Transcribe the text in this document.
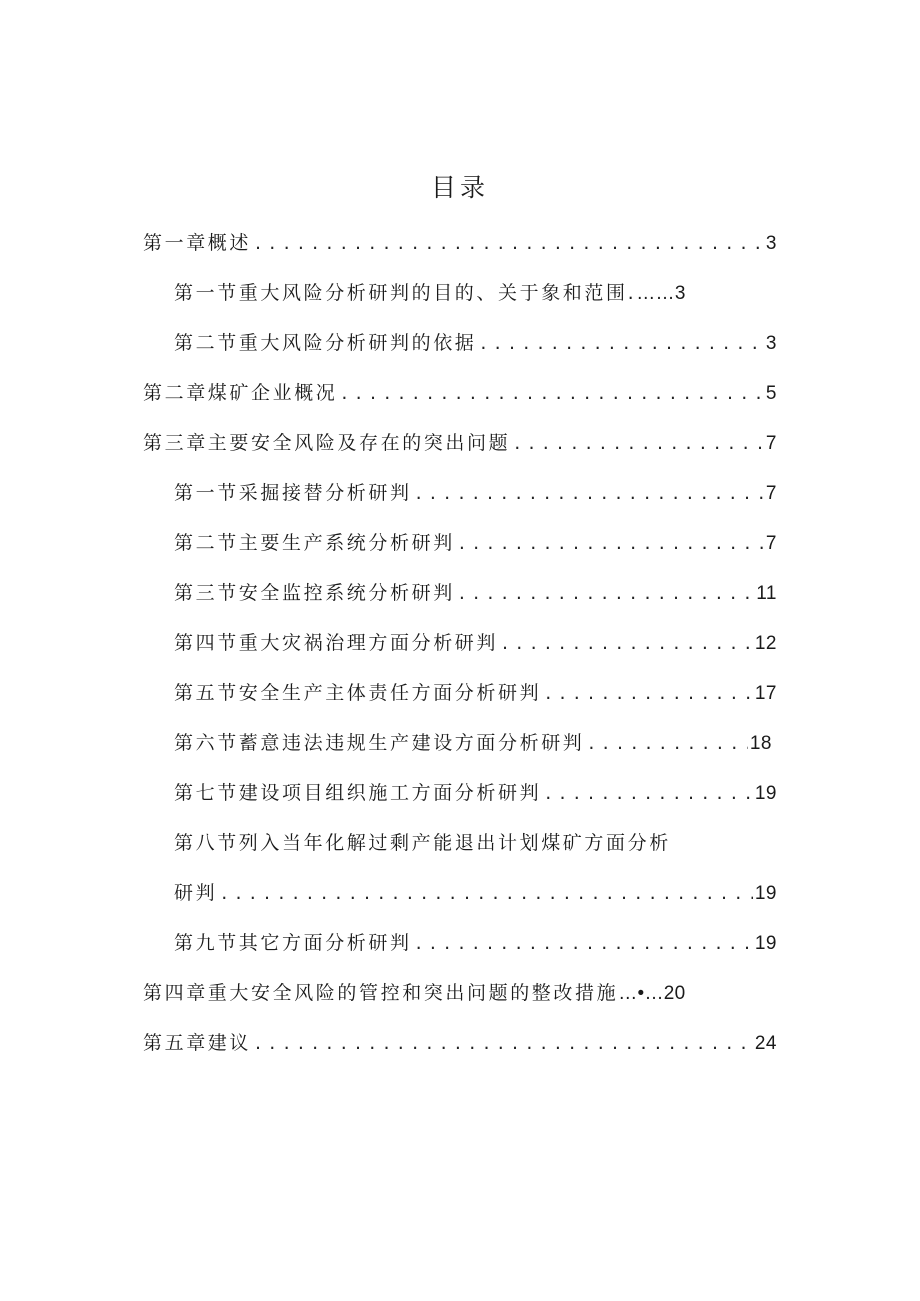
目录
第一章概述 . . .	3
第一节重大风险分析研判的目的、关于象和范围. ……3
第二节重大风险分析研判的依据 . . .	3
第二章煤矿企业概况 . . .	5
第三章主要安全风险及存在的突出问题 . . .	7
第一节采掘接替分析研判 . . .	7
第二节主要生产系统分析研判 . . .	7
第三节安全监控系统分析研判 . . .	11
第四节重大灾祸治理方面分析研判 . . .	12
第五节安全生产主体责任方面分析研判 . . .	17
第六节蓄意违法违规生产建设方面分析研判 . . .	18
第七节建设项目组织施工方面分析研判 . . .	19
第八节列入当年化解过剩产能退出计划煤矿方面分析
研判 . . .	19
第九节其它方面分析研判 . . .	19
第四章重大安全风险的管控和突出问题的整改措施 …•…20
第五章建议 . . .	24
